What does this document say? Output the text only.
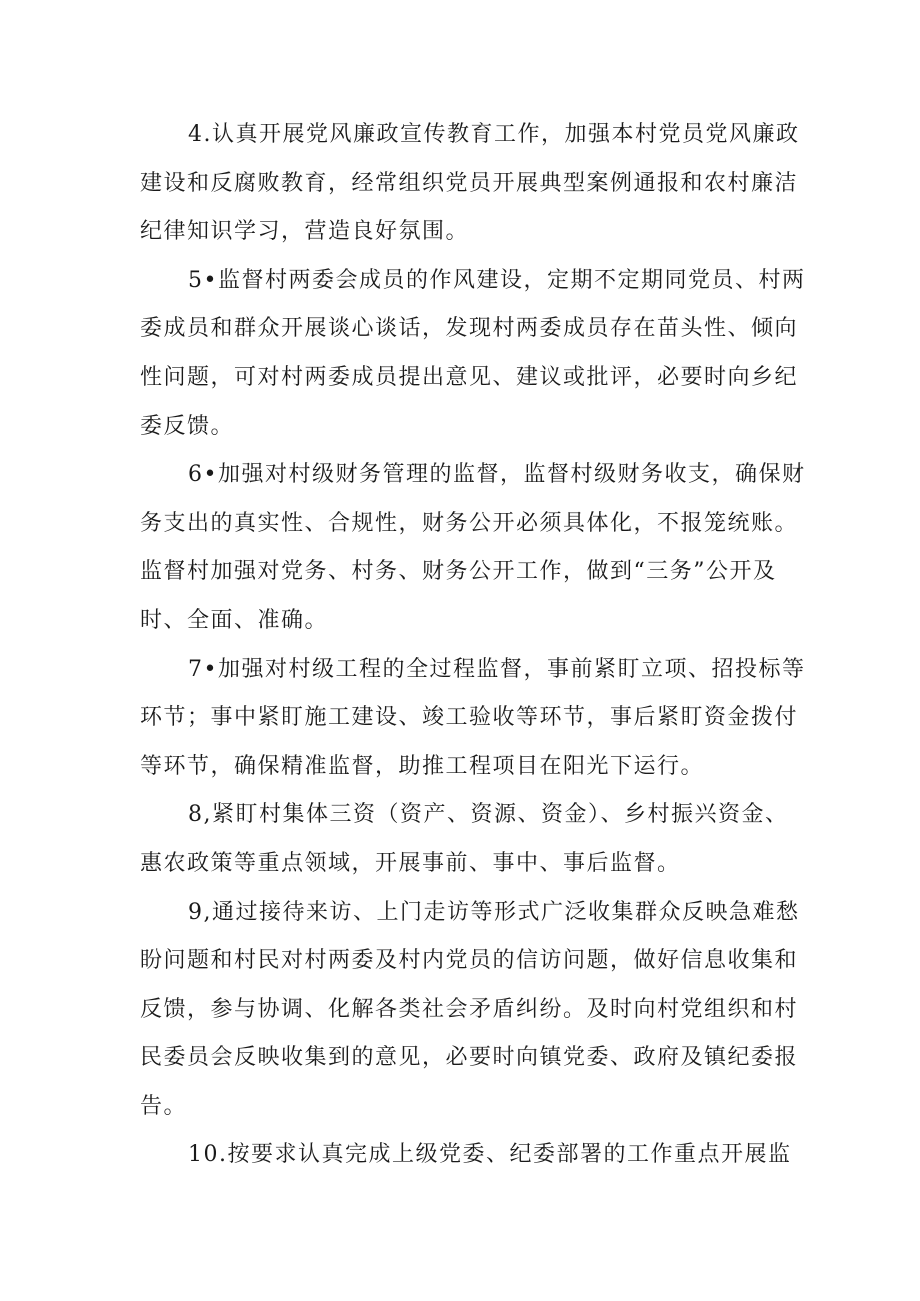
4.认真开展党风廉政宣传教育工作，加强本村党员党风廉政
建设和反腐败教育，经常组织党员开展典型案例通报和农村廉洁
纪律知识学习，营造良好氛围。
5•监督村两委会成员的作风建设，定期不定期同党员、村两
委成员和群众开展谈心谈话，发现村两委成员存在苗头性、倾向
性问题，可对村两委成员提出意见、建议或批评，必要时向乡纪
委反馈。
6•加强对村级财务管理的监督，监督村级财务收支，确保财
务支出的真实性、合规性，财务公开必须具体化，不报笼统账。
监督村加强对党务、村务、财务公开工作，做到“三务”公开及
时、全面、准确。
7•加强对村级工程的全过程监督，事前紧盯立项、招投标等
环节；事中紧盯施工建设、竣工验收等环节，事后紧盯资金拨付
等环节，确保精准监督，助推工程项目在阳光下运行。
8,紧盯村集体三资（资产、资源、资金）、乡村振兴资金、
惠农政策等重点领域，开展事前、事中、事后监督。
9,通过接待来访、上门走访等形式广泛收集群众反映急难愁
盼问题和村民对村两委及村内党员的信访问题，做好信息收集和
反馈，参与协调、化解各类社会矛盾纠纷。及时向村党组织和村
民委员会反映收集到的意见，必要时向镇党委、政府及镇纪委报
告。
10.按要求认真完成上级党委、纪委部署的工作重点开展监
